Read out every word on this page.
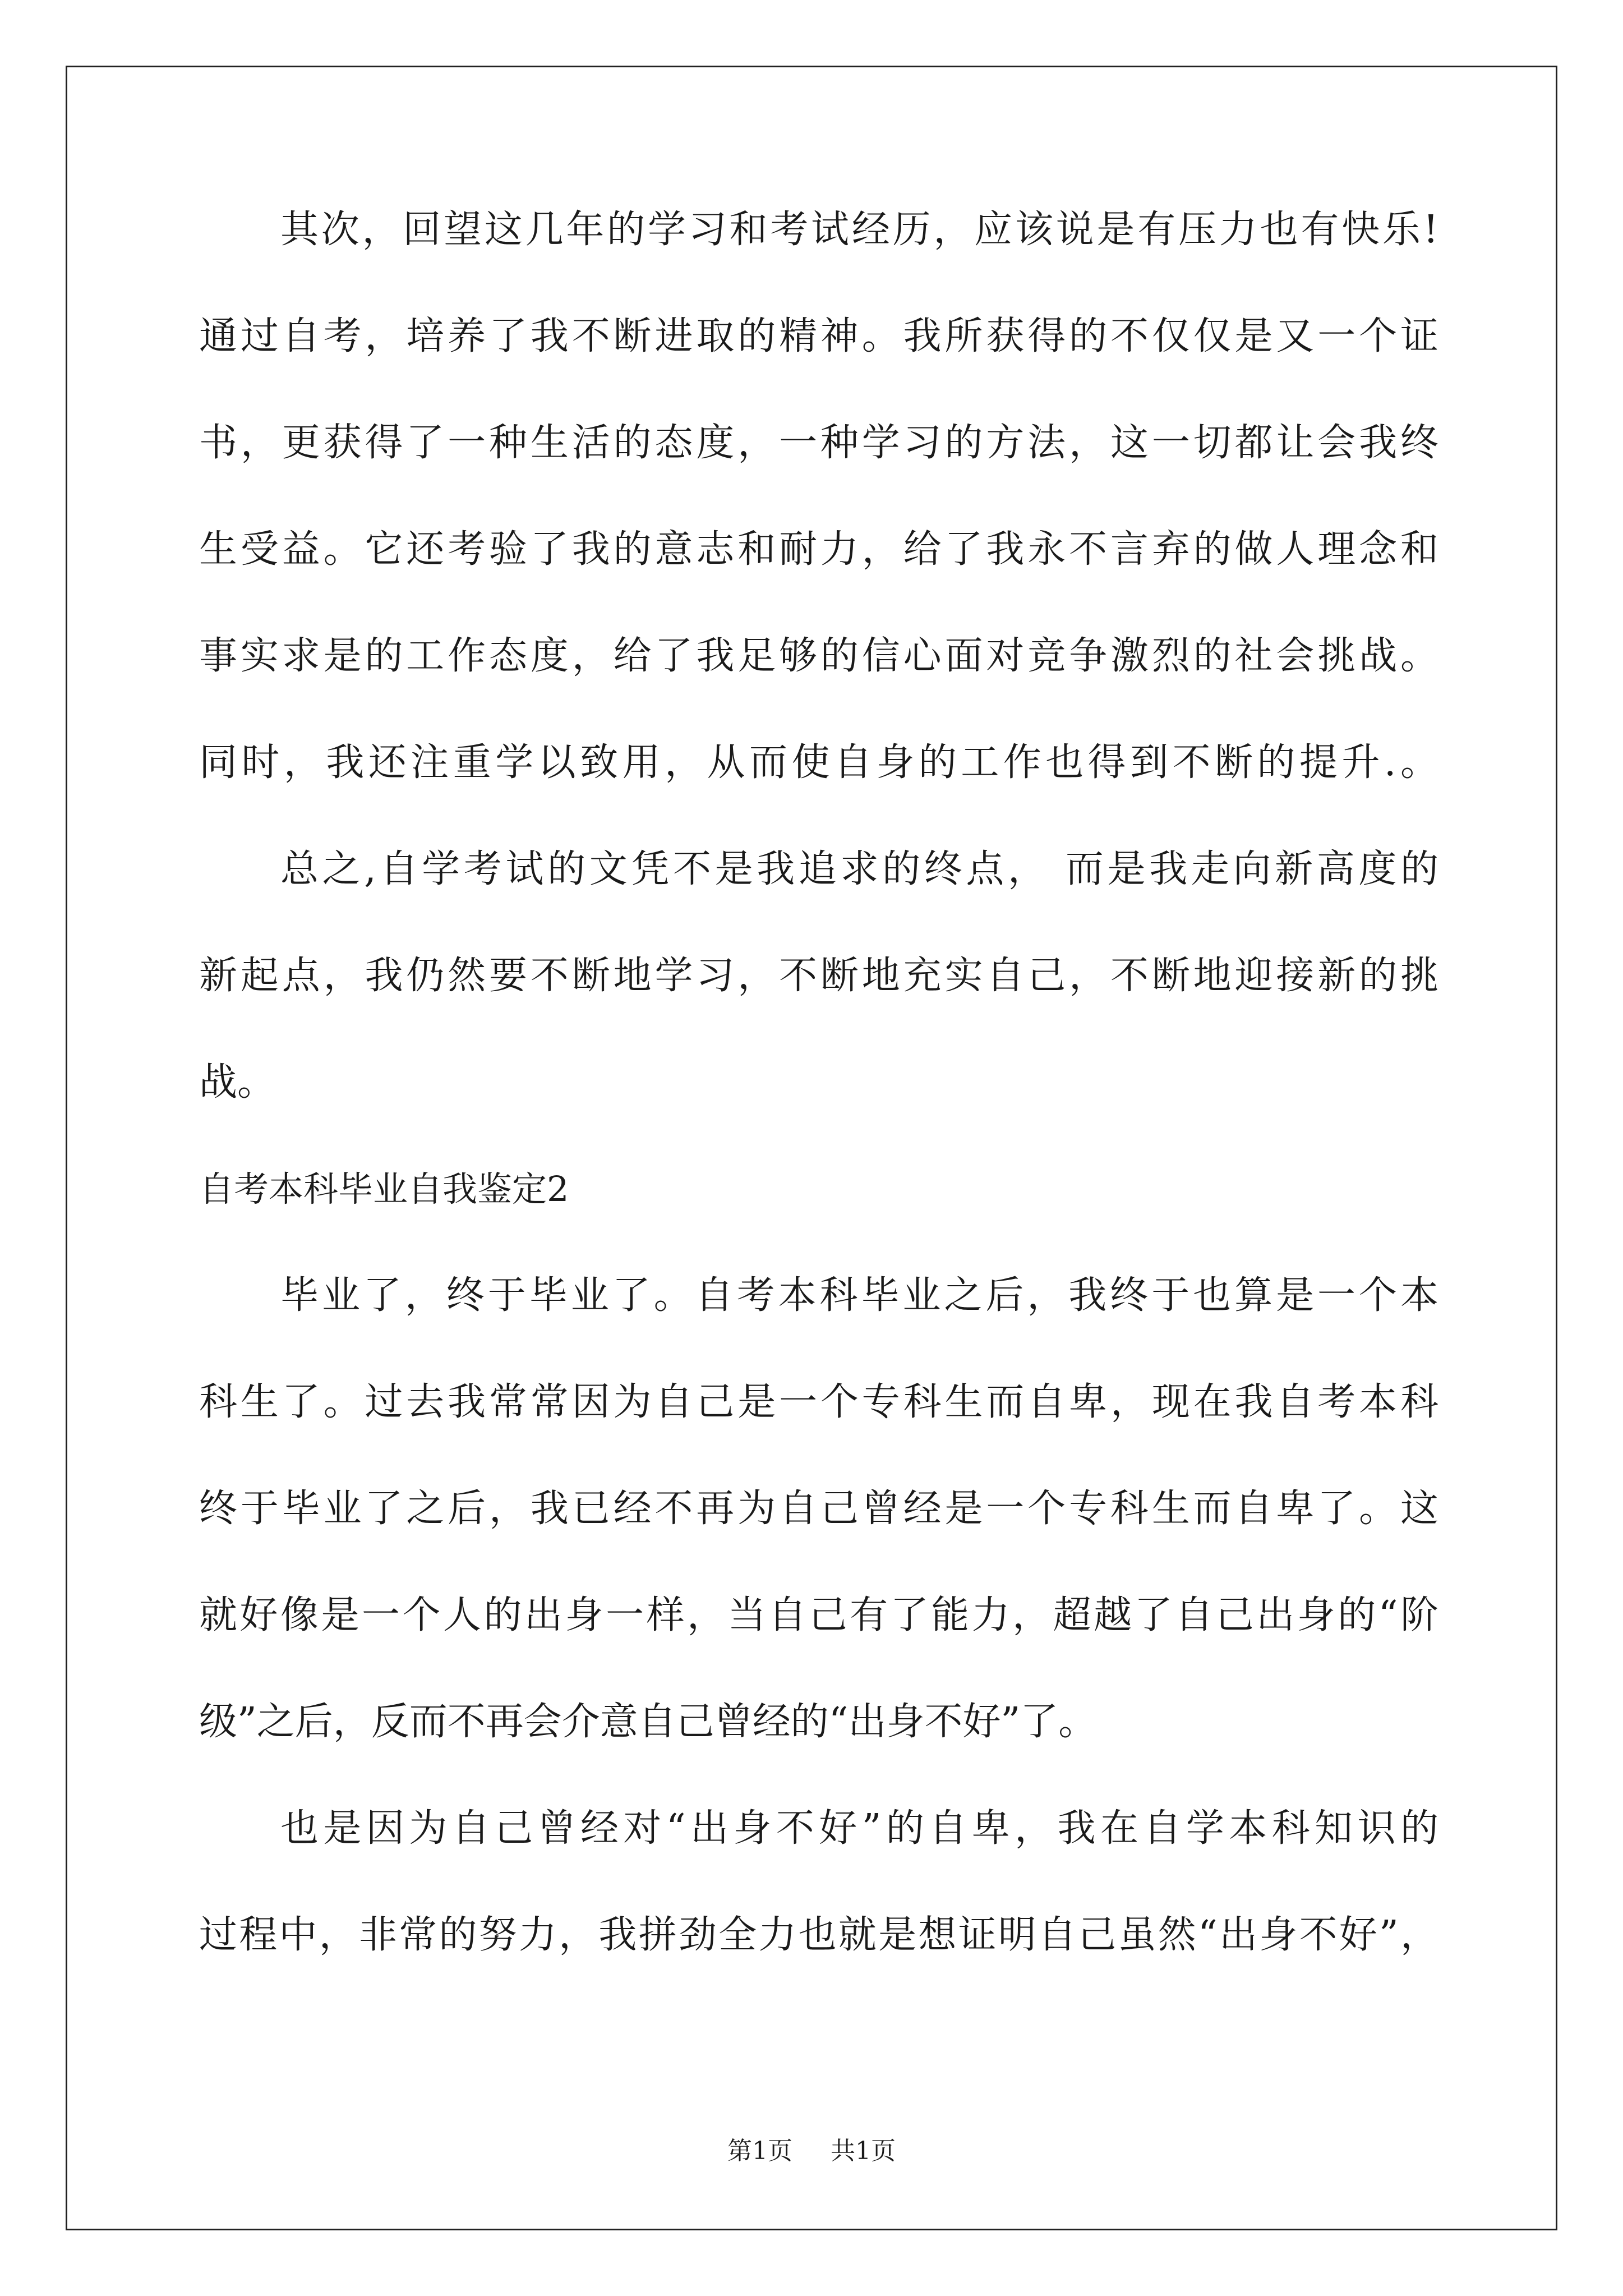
其次，回望这几年的学习和考试经历，应该说是有压力也有快乐!
通过自考，培养了我不断进取的精神。我所获得的不仅仅是又一个证
书，更获得了一种生活的态度，一种学习的方法，这一切都让会我终
生受益。它还考验了我的意志和耐力，给了我永不言弃的做人理念和
事实求是的工作态度，给了我足够的信心面对竞争激烈的社会挑战。
同时，我还注重学以致用，从而使自身的工作也得到不断的提升.。
总之,自学考试的文凭不是我追求的终点， 而是我走向新高度的
新起点，我仍然要不断地学习，不断地充实自己，不断地迎接新的挑
战。
自考本科毕业自我鉴定2
毕业了，终于毕业了。自考本科毕业之后，我终于也算是一个本
科生了。过去我常常因为自己是一个专科生而自卑，现在我自考本科
终于毕业了之后，我已经不再为自己曾经是一个专科生而自卑了。这
就好像是一个人的出身一样，当自己有了能力，超越了自己出身的“阶
级”之后，反而不再会介意自己曾经的“出身不好”了。
也是因为自己曾经对“出身不好”的自卑，我在自学本科知识的
过程中，非常的努力，我拼劲全力也就是想证明自己虽然“出身不好”，
第1页 共1页
